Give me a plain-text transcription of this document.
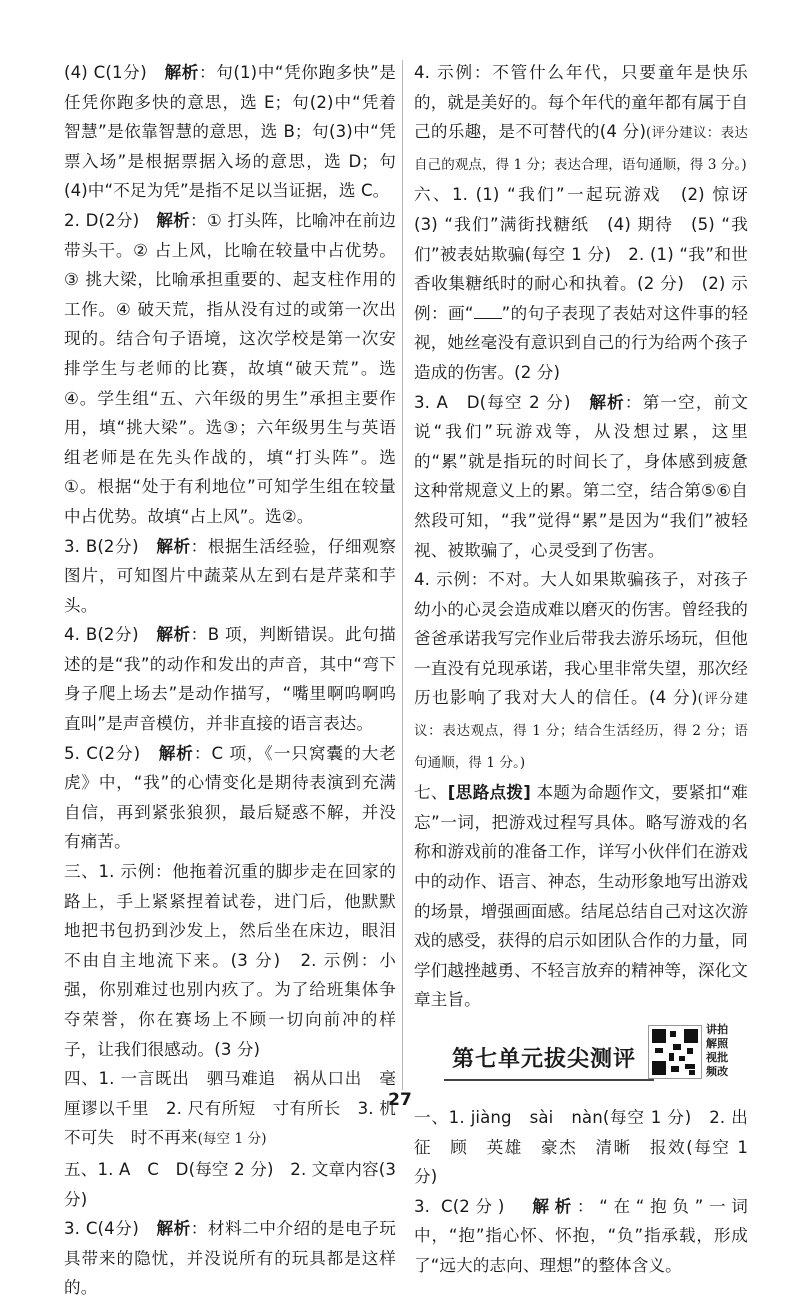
(4) C(1分)　解析：句(1)中“凭你跑多快”是任凭你跑多快的意思，选 E；句(2)中“凭着智慧”是依靠智慧的意思，选 B；句(3)中“凭票入场”是根据票据入场的意思，选 D；句(4)中“不足为凭”是指不足以当证据，选 C。

2. D(2分)　解析：① 打头阵，比喻冲在前边带头干。② 占上风，比喻在较量中占优势。③ 挑大梁，比喻承担重要的、起支柱作用的工作。④ 破天荒，指从没有过的或第一次出现的。结合句子语境，这次学校是第一次安排学生与老师的比赛，故填“破天荒”。选④。学生组“五、六年级的男生”承担主要作用，填“挑大梁”。选③；六年级男生与英语组老师是在先头作战的，填“打头阵”。选①。根据“处于有利地位”可知学生组在较量中占优势。故填“占上风”。选②。

3. B(2分)　解析：根据生活经验，仔细观察图片，可知图片中蔬菜从左到右是芹菜和芋头。

4. B(2分)　解析：B 项，判断错误。此句描述的是“我”的动作和发出的声音，其中“弯下身子爬上场去”是动作描写，“嘴里啊呜啊呜直叫”是声音模仿，并非直接的语言表达。

5. C(2分)　解析：C 项，《一只窝囊的大老虎》中，“我”的心情变化是期待表演到充满自信，再到紧张狼狈，最后疑惑不解，并没有痛苦。

三、1. 示例：他拖着沉重的脚步走在回家的路上，手上紧紧捏着试卷，进门后，他默默地把书包扔到沙发上，然后坐在床边，眼泪不由自主地流下来。(3 分)　2. 示例：小强，你别难过也别内疚了。为了给班集体争夺荣誉，你在赛场上不顾一切向前冲的样子，让我们很感动。(3 分)

四、1. 一言既出　驷马难追　祸从口出　毫厘谬以千里　2. 尺有所短　寸有所长　3. 机不可失　时不再来(每空 1 分)

五、1. A　C　D(每空 2 分)　2. 文章内容(3 分)

3. C(4分)　解析：材料二中介绍的是电子玩具带来的隐忧，并没说所有的玩具都是这样的。

4. 示例：不管什么年代，只要童年是快乐的，就是美好的。每个年代的童年都有属于自己的乐趣，是不可替代的(4 分)(评分建议：表达自己的观点，得 1 分；表达合理，语句通顺，得 3 分。)

六、1. (1) “我们”一起玩游戏　(2) 惊讶　(3) “我们”满街找糖纸　(4) 期待　(5) “我们”被表姑欺骗(每空 1 分)　2. (1) “我”和世香收集糖纸时的耐心和执着。(2 分)　(2) 示例：画“ ”的句子表现了表姑对这件事的轻视，她丝毫没有意识到自己的行为给两个孩子造成的伤害。(2 分)

3. A　D(每空 2 分)　解析：第一空，前文说“我们”玩游戏等，从没想过累，这里的“累”就是指玩的时间长了，身体感到疲惫这种常规意义上的累。第二空，结合第⑤⑥自然段可知，“我”觉得“累”是因为“我们”被轻视、被欺骗了，心灵受到了伤害。

4. 示例：不对。大人如果欺骗孩子，对孩子幼小的心灵会造成难以磨灭的伤害。曾经我的爸爸承诺我写完作业后带我去游乐场玩，但他一直没有兑现承诺，我心里非常失望，那次经历也影响了我对大人的信任。(4 分)(评分建议：表达观点，得 1 分；结合生活经历，得 2 分；语句通顺，得 1 分。)

七、[思路点拨] 本题为命题作文，要紧扣“难忘”一词，把游戏过程写具体。略写游戏的名称和游戏前的准备工作，详写小伙伴们在游戏中的动作、语言、神态，生动形象地写出游戏的场景，增强画面感。结尾总结自己对这次游戏的感受，获得的启示如团队合作的力量，同学们越挫越勇、不轻言放弃的精神等，深化文章主旨。

第七单元拔尖测评
讲拍
解照
视批
频改

一、1. jiàng　sài　nàn(每空 1 分)　2. 出征　顾　英雄　豪杰　清晰　报效(每空 1 分)

3. C(2分)　解析：“在“抱负”一词中，“抱”指心怀、怀抱，“负”指承载，形成了“远大的志向、理想”的整体含义。

27
